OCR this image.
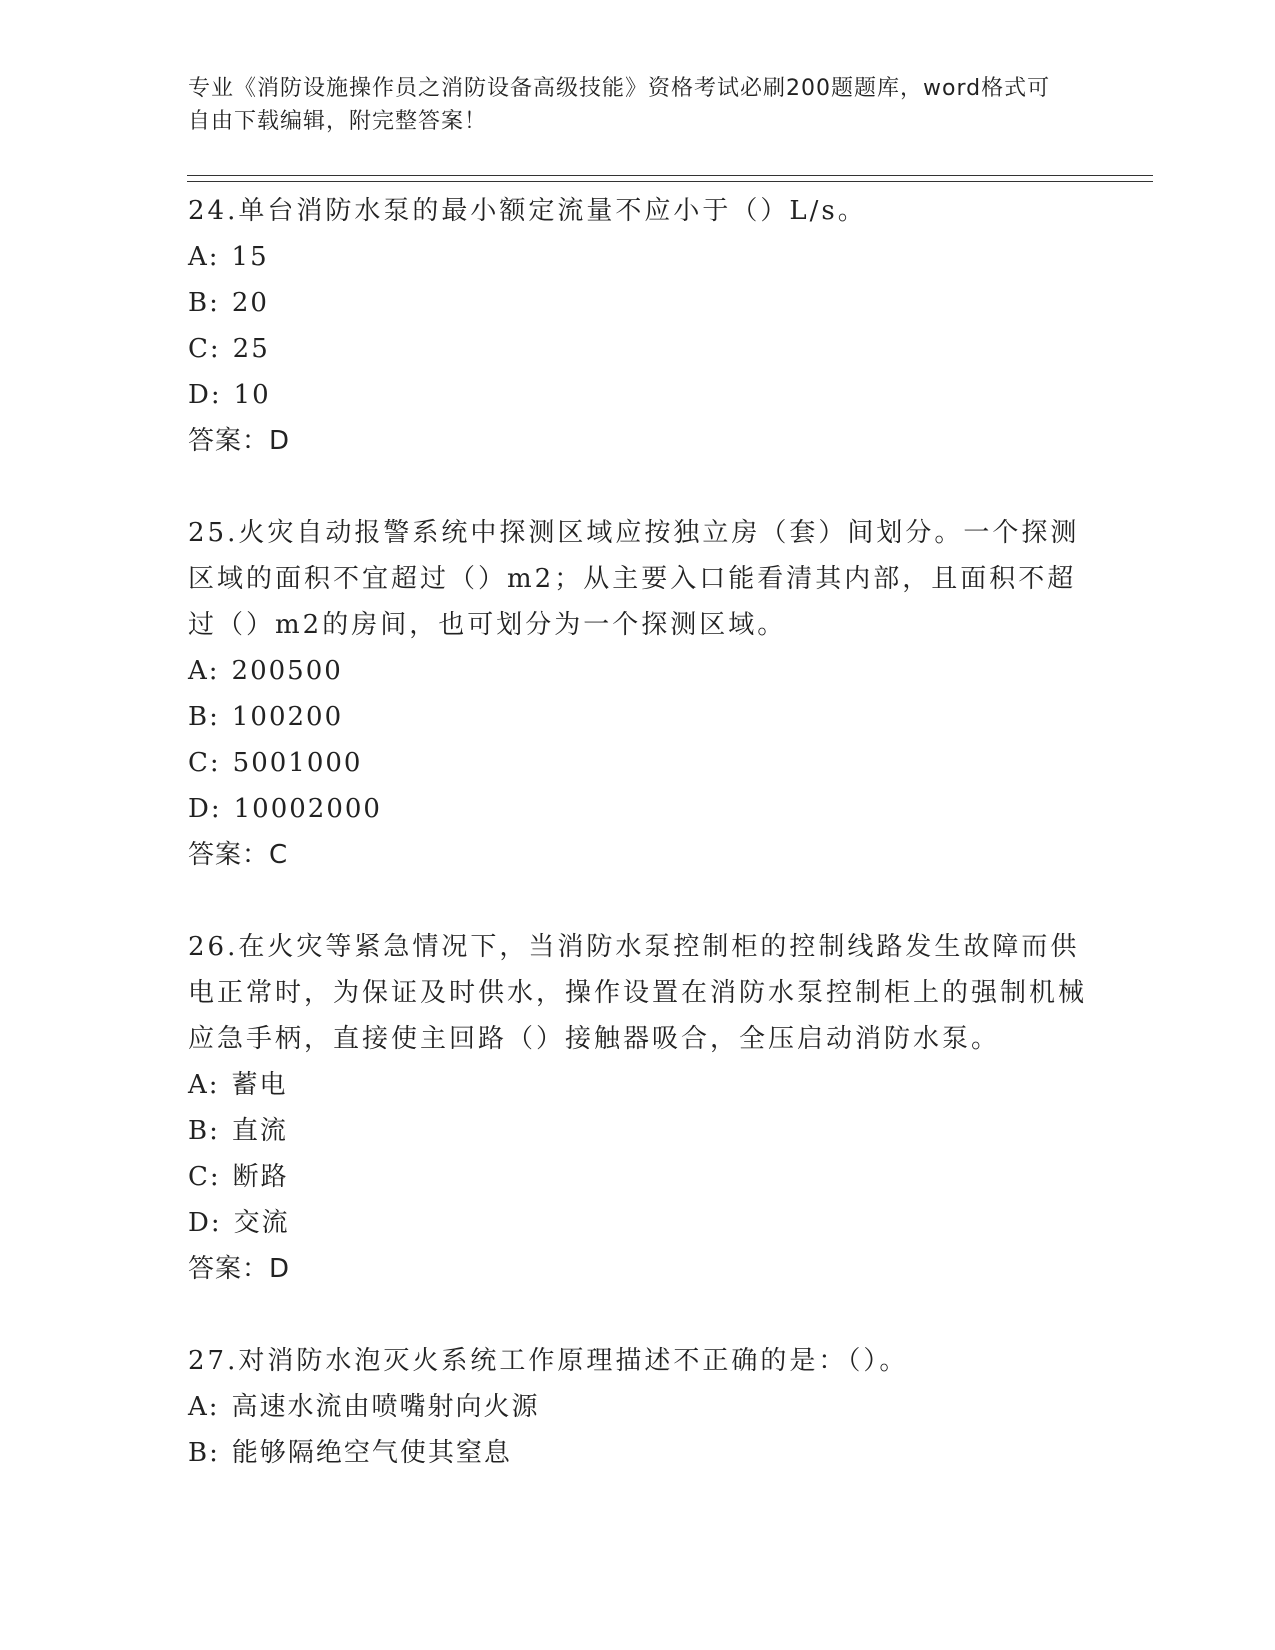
专业《消防设施操作员之消防设备高级技能》资格考试必刷200题题库，word格式可自由下载编辑，附完整答案！

24.单台消防水泵的最小额定流量不应小于（）L/s。

A: 15

B: 20

C: 25

D: 10

答案：D

25.火灾自动报警系统中探测区域应按独立房（套）间划分。一个探测区域的面积不宜超过（）m2；从主要入口能看清其内部，且面积不超过（）m2的房间，也可划分为一个探测区域。

A: 200500

B: 100200

C: 5001000

D: 10002000

答案：C

26.在火灾等紧急情况下，当消防水泵控制柜的控制线路发生故障而供电正常时，为保证及时供水，操作设置在消防水泵控制柜上的强制机械应急手柄，直接使主回路（）接触器吸合，全压启动消防水泵。

A: 蓄电

B: 直流

C: 断路

D: 交流

答案：D

27.对消防水泡灭火系统工作原理描述不正确的是：（）。

A: 高速水流由喷嘴射向火源

B: 能够隔绝空气使其窒息
